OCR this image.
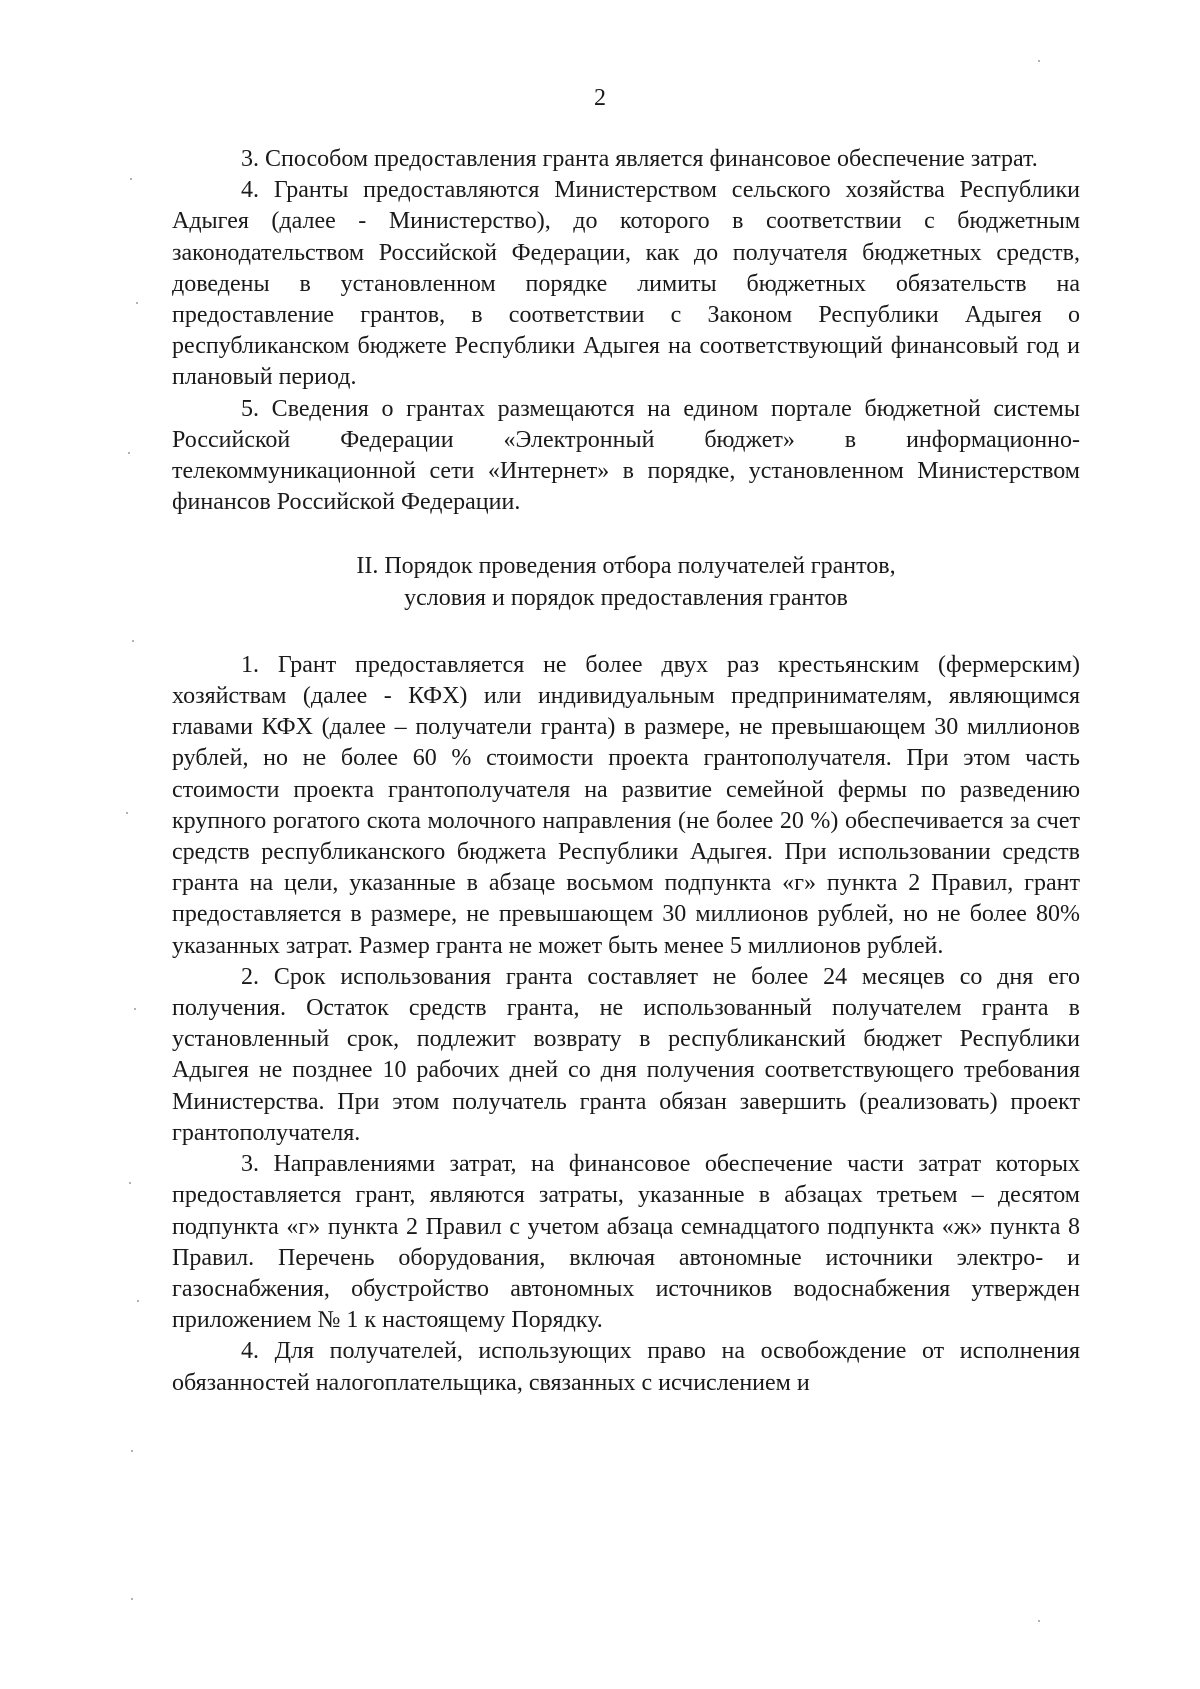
2

3. Способом предоставления гранта является финансовое обеспечение затрат.

4. Гранты предоставляются Министерством сельского хозяйства Республики Адыгея (далее - Министерство), до которого в соответствии с бюджетным законодательством Российской Федерации, как до получателя бюджетных средств, доведены в установленном порядке лимиты бюджетных обязательств на предоставление грантов, в соответствии с Законом Республики Адыгея о республиканском бюджете Республики Адыгея на соответствующий финансовый год и плановый период.

5. Сведения о грантах размещаются на едином портале бюджетной системы Российской Федерации «Электронный бюджет» в информационно-телекоммуникационной сети «Интернет» в порядке, установленном Министерством финансов Российской Федерации.

II. Порядок проведения отбора получателей грантов,
условия и порядок предоставления грантов

1. Грант предоставляется не более двух раз крестьянским (фермерским) хозяйствам (далее - КФХ) или индивидуальным предпринимателям, являющимся главами КФХ (далее – получатели гранта) в размере, не превышающем 30 миллионов рублей, но не более 60 % стоимости проекта грантополучателя. При этом часть стоимости проекта грантополучателя на развитие семейной фермы по разведению крупного рогатого скота молочного направления (не более 20 %) обеспечивается за счет средств республиканского бюджета Республики Адыгея. При использовании средств гранта на цели, указанные в абзаце восьмом подпункта «г» пункта 2 Правил, грант предоставляется в размере, не превышающем 30 миллионов рублей, но не более 80% указанных затрат. Размер гранта не может быть менее 5 миллионов рублей.

2. Срок использования гранта составляет не более 24 месяцев со дня его получения. Остаток средств гранта, не использованный получателем гранта в установленный срок, подлежит возврату в республиканский бюджет Республики Адыгея не позднее 10 рабочих дней со дня получения соответствующего требования Министерства. При этом получатель гранта обязан завершить (реализовать) проект грантополучателя.

3. Направлениями затрат, на финансовое обеспечение части затрат которых предоставляется грант, являются затраты, указанные в абзацах третьем – десятом подпункта «г» пункта 2 Правил с учетом абзаца семнадцатого подпункта «ж» пункта 8 Правил. Перечень оборудования, включая автономные источники электро- и газоснабжения, обустройство автономных источников водоснабжения утвержден приложением № 1 к настоящему Порядку.

4. Для получателей, использующих право на освобождение от исполнения обязанностей налогоплательщика, связанных с исчислением и
